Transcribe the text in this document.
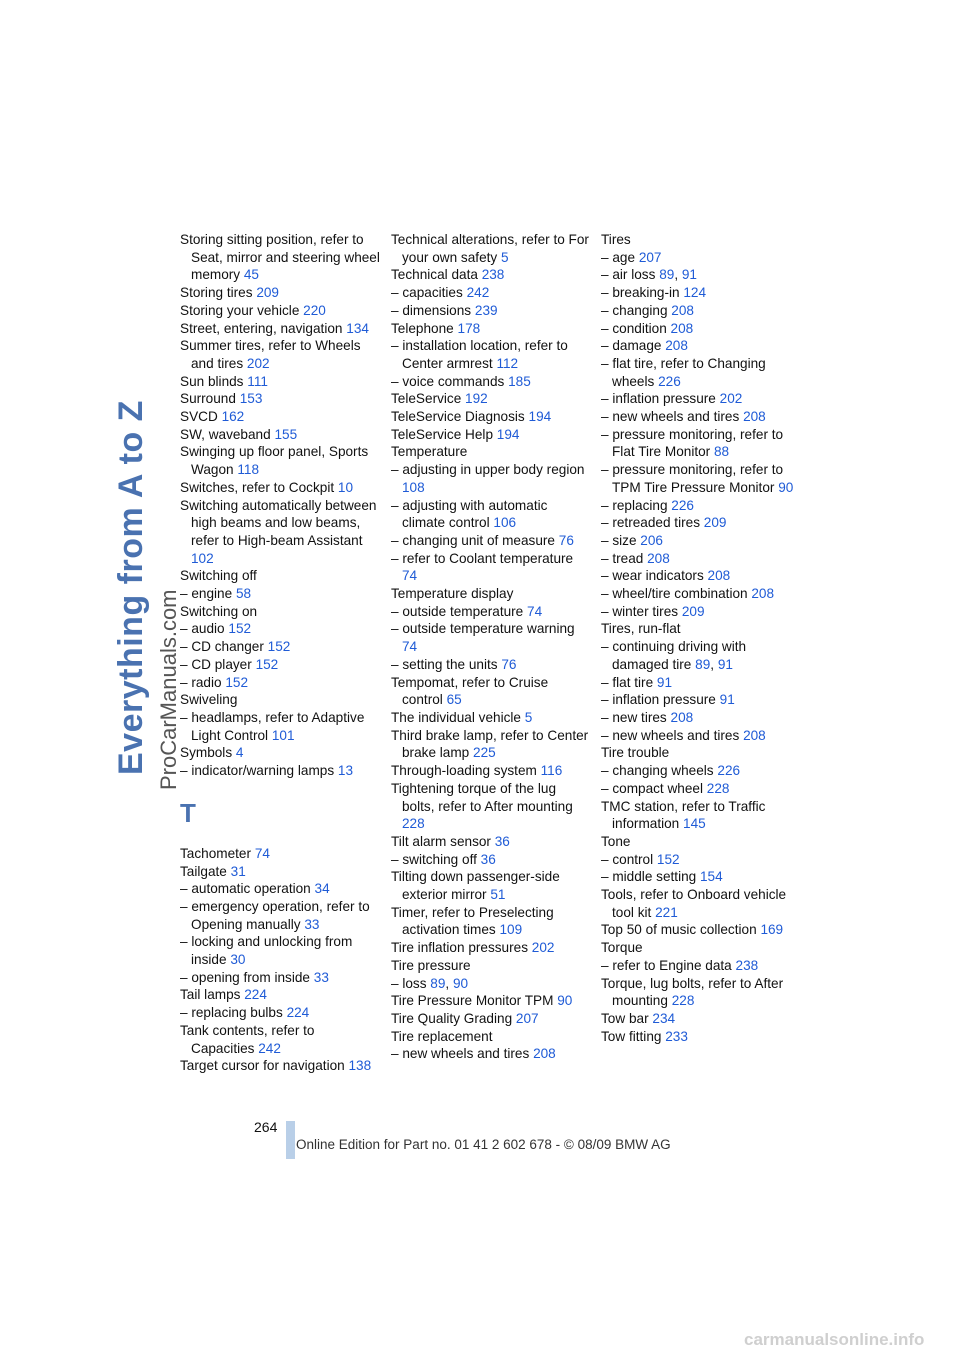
Everything from A to Z ProCarManuals.com
Storing sitting position, refer to Seat, mirror and steering wheel memory 45
Storing tires 209
Storing your vehicle 220
Street, entering, navigation 134
Summer tires, refer to Wheels and tires 202
Sun blinds 111
Surround 153
SVCD 162
SW, waveband 155
Swinging up floor panel, Sports Wagon 118
Switches, refer to Cockpit 10
Switching automatically between high beams and low beams, refer to High-beam Assistant 102
Switching off
– engine 58
Switching on
– audio 152
– CD changer 152
– CD player 152
– radio 152
Swiveling
– headlamps, refer to Adaptive Light Control 101
Symbols 4
– indicator/warning lamps 13
T
Tachometer 74
Tailgate 31
– automatic operation 34
– emergency operation, refer to Opening manually 33
– locking and unlocking from inside 30
– opening from inside 33
Tail lamps 224
– replacing bulbs 224
Tank contents, refer to Capacities 242
Target cursor for navigation 138
Technical alterations, refer to For your own safety 5
Technical data 238
– capacities 242
– dimensions 239
Telephone 178
– installation location, refer to Center armrest 112
– voice commands 185
TeleService 192
TeleService Diagnosis 194
TeleService Help 194
Temperature
– adjusting in upper body region 108
– adjusting with automatic climate control 106
– changing unit of measure 76
– refer to Coolant temperature 74
Temperature display
– outside temperature 74
– outside temperature warning 74
– setting the units 76
Tempomat, refer to Cruise control 65
The individual vehicle 5
Third brake lamp, refer to Center brake lamp 225
Through-loading system 116
Tightening torque of the lug bolts, refer to After mounting 228
Tilt alarm sensor 36
– switching off 36
Tilting down passenger-side exterior mirror 51
Timer, refer to Preselecting activation times 109
Tire inflation pressures 202
Tire pressure
– loss 89, 90
Tire Pressure Monitor TPM 90
Tire Quality Grading 207
Tire replacement
– new wheels and tires 208
Tires
– age 207
– air loss 89, 91
– breaking-in 124
– changing 208
– condition 208
– damage 208
– flat tire, refer to Changing wheels 226
– inflation pressure 202
– new wheels and tires 208
– pressure monitoring, refer to Flat Tire Monitor 88
– pressure monitoring, refer to TPM Tire Pressure Monitor 90
– replacing 226
– retreaded tires 209
– size 206
– tread 208
– wear indicators 208
– wheel/tire combination 208
– winter tires 209
Tires, run-flat
– continuing driving with damaged tire 89, 91
– flat tire 91
– inflation pressure 91
– new tires 208
– new wheels and tires 208
Tire trouble
– changing wheels 226
– compact wheel 228
TMC station, refer to Traffic information 145
Tone
– control 152
– middle setting 154
Tools, refer to Onboard vehicle tool kit 221
Top 50 of music collection 169
Torque
– refer to Engine data 238
Torque, lug bolts, refer to After mounting 228
Tow bar 234
Tow fitting 233
264
Online Edition for Part no. 01 41 2 602 678 - © 08/09 BMW AG
carmanualsonline.info
